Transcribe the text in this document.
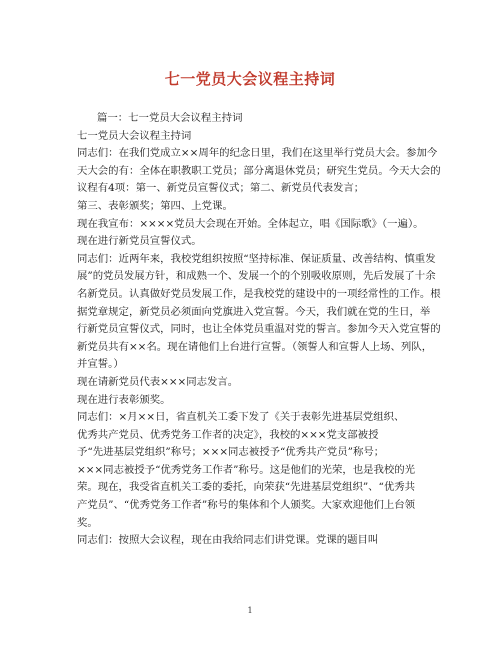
七一党员大会议程主持词

篇一：七一党员大会议程主持词

七一党员大会议程主持词

同志们：在我们党成立××周年的纪念日里，我们在这里举行党员大会。参加今

天大会的有：全体在职教职工党员；部分离退休党员；研究生党员。今天大会的

议程有4项：第一、新党员宣誓仪式；第二、新党员代表发言；

第三、表彰颁奖；第四、上党课。

现在我宣布：××××党员大会现在开始。全体起立，唱《国际歌》（一遍）。

现在进行新党员宣誓仪式。

同志们：近两年来，我校党组织按照“坚持标准、保证质量、改善结构、慎重发

展”的党员发展方针，和成熟一个、发展一个的个别吸收原则，先后发展了十余

名新党员。认真做好党员发展工作，是我校党的建设中的一项经常性的工作。根

据党章规定，新党员必须面向党旗进入党宣誓。今天，我们就在党的生日，举

行新党员宣誓仪式，同时，也让全体党员重温对党的誓言。参加今天入党宣誓的

新党员共有××名。现在请他们上台进行宣誓。（领誓人和宣誓人上场、列队，

并宣誓。）

现在请新党员代表×××同志发言。

现在进行表彰颁奖。

同志们：×月××日，省直机关工委下发了《关于表彰先进基层党组织、

优秀共产党员、优秀党务工作者的决定》，我校的×××党支部被授

予“先进基层党组织”称号；×××同志被授予“优秀共产党员”称号；

×××同志被授予“优秀党务工作者”称号。这是他们的光荣，也是我校的光

荣。现在，我受省直机关工委的委托，向荣获“先进基层党组织”、“优秀共

产党员”、“优秀党务工作者”称号的集体和个人颁奖。大家欢迎他们上台领

奖。

同志们：按照大会议程，现在由我给同志们讲党课。党课的题目叫

1
